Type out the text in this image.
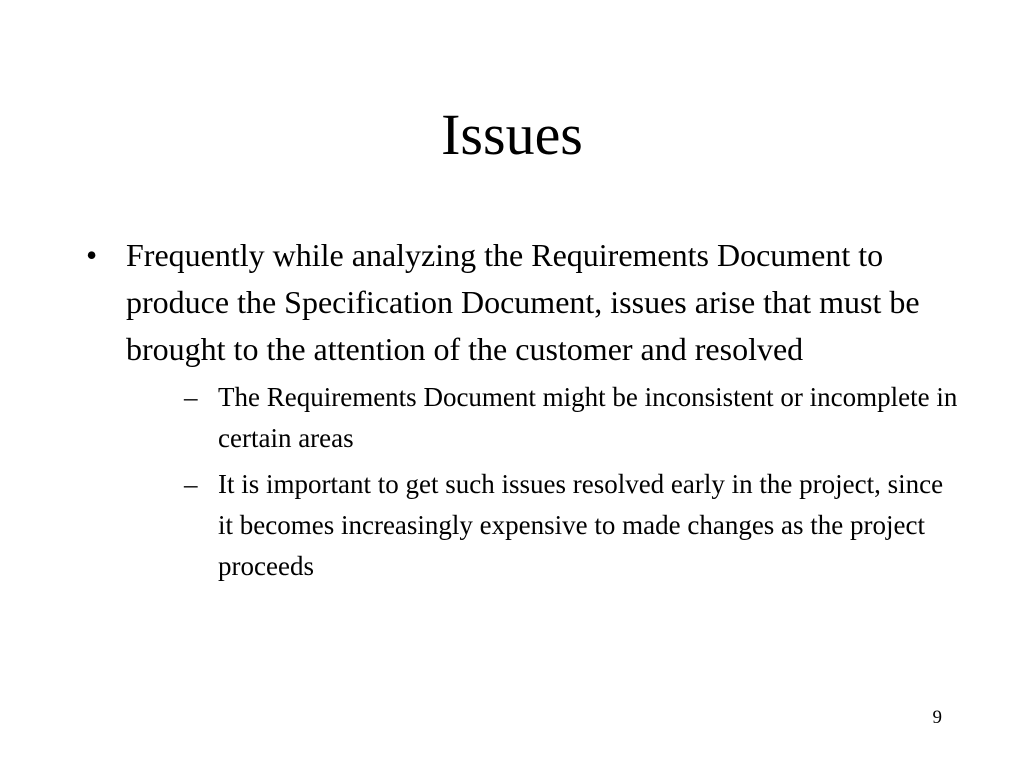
Issues
• Frequently while analyzing the Requirements Document to produce the Specification Document, issues arise that must be brought to the attention of the customer and resolved
– The Requirements Document might be inconsistent or incomplete in certain areas
– It is important to get such issues resolved early in the project, since it becomes increasingly expensive to made changes as the project proceeds
9
